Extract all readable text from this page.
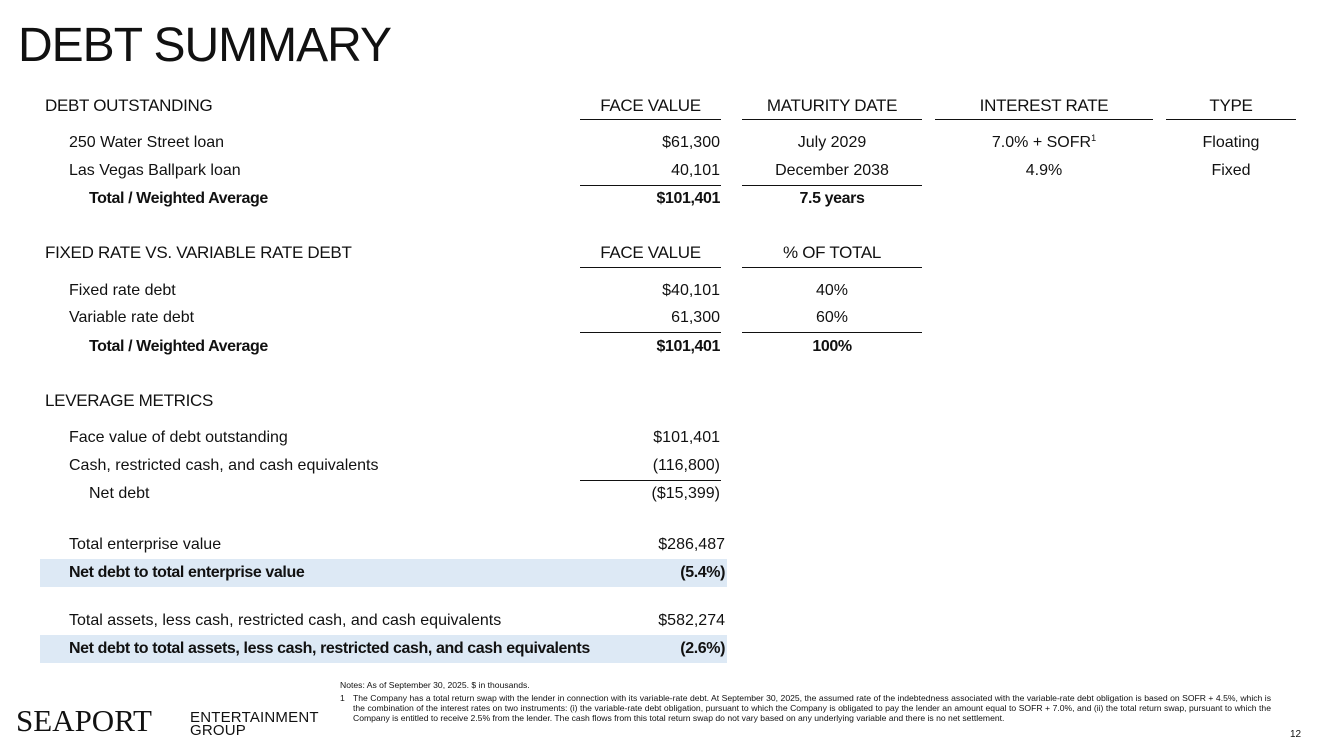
DEBT SUMMARY
DEBT OUTSTANDING	FACE VALUE	MATURITY DATE	INTEREST RATE	TYPE
250 Water Street loan	$61,300	July 2029	$7.0\% + SOFR^1$	Floating
Las Vegas Ballpark loan	40,101	December 2038	4.9%	Fixed
Total / Weighted Average	$101,401	7.5 years
FIXED RATE VS. VARIABLE RATE DEBT	FACE VALUE	% OF TOTAL
Fixed rate debt	$40,101	40%
Variable rate debt	61,300	60%
Total / Weighted Average	$101,401	100%
LEVERAGE METRICS
Face value of debt outstanding	$101,401
Cash, restricted cash, and cash equivalents	(116,800)
Net debt	($15,399)
Total enterprise value	$286,487
Net debt to total enterprise value	(5.4%)
Total assets, less cash, restricted cash, and cash equivalents	$582,274
Net debt to total assets, less cash, restricted cash, and cash equivalents	(2.6%)
Notes: As of September 30, 2025. $ in thousands.
1 The Company has a total return swap with the lender in connection with its variable-rate debt. At September 30, 2025, the assumed rate of the indebtedness associated with the variable-rate debt obligation is based on SOFR + 4.5%, which is the combination of the interest rates on two instruments: (i) the variable-rate debt obligation, pursuant to which the Company is obligated to pay the lender an amount equal to SOFR + 7.0%, and (ii) the total return swap, pursuant to which the Company is entitled to receive 2.5% from the lender. The cash flows from this total return swap do not vary based on any underlying variable and there is no net settlement.
SEAPORT	ENTERTAINMENT
GROUP	12
